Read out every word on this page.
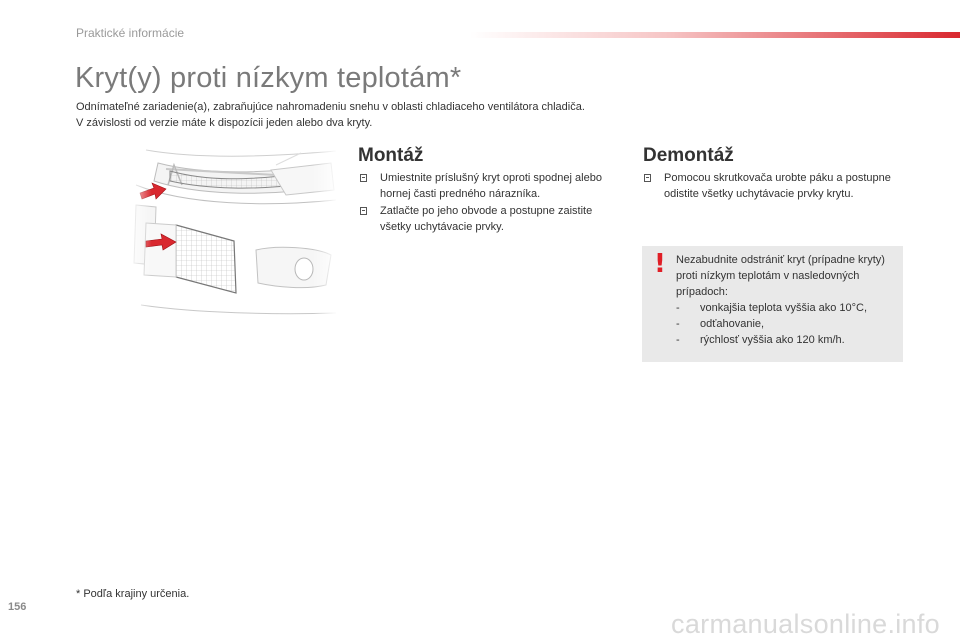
Praktické informácie
Kryt(y) proti nízkym teplotám*
Odnímateľné zariadenie(a), zabraňujúce nahromadeniu snehu v oblasti chladiaceho ventilátora chladiča.
V závislosti od verzie máte k dispozícii jeden alebo dva kryty.
Montáž
Umiestnite príslušný kryt oproti spodnej alebo hornej časti predného nárazníka.
Zatlačte po jeho obvode a postupne zaistite všetky uchytávacie prvky.
Demontáž
Pomocou skrutkovača urobte páku a postupne odistite všetky uchytávacie prvky krytu.
! Nezabudnite odstrániť kryt (prípadne kryty) proti nízkym teplotám v nasledovných prípadoch:
- vonkajšia teplota vyššia ako 10°C,
- odťahovanie,
- rýchlosť vyššia ako 120 km/h.
* Podľa krajiny určenia.
156
carmanualsonline.info
